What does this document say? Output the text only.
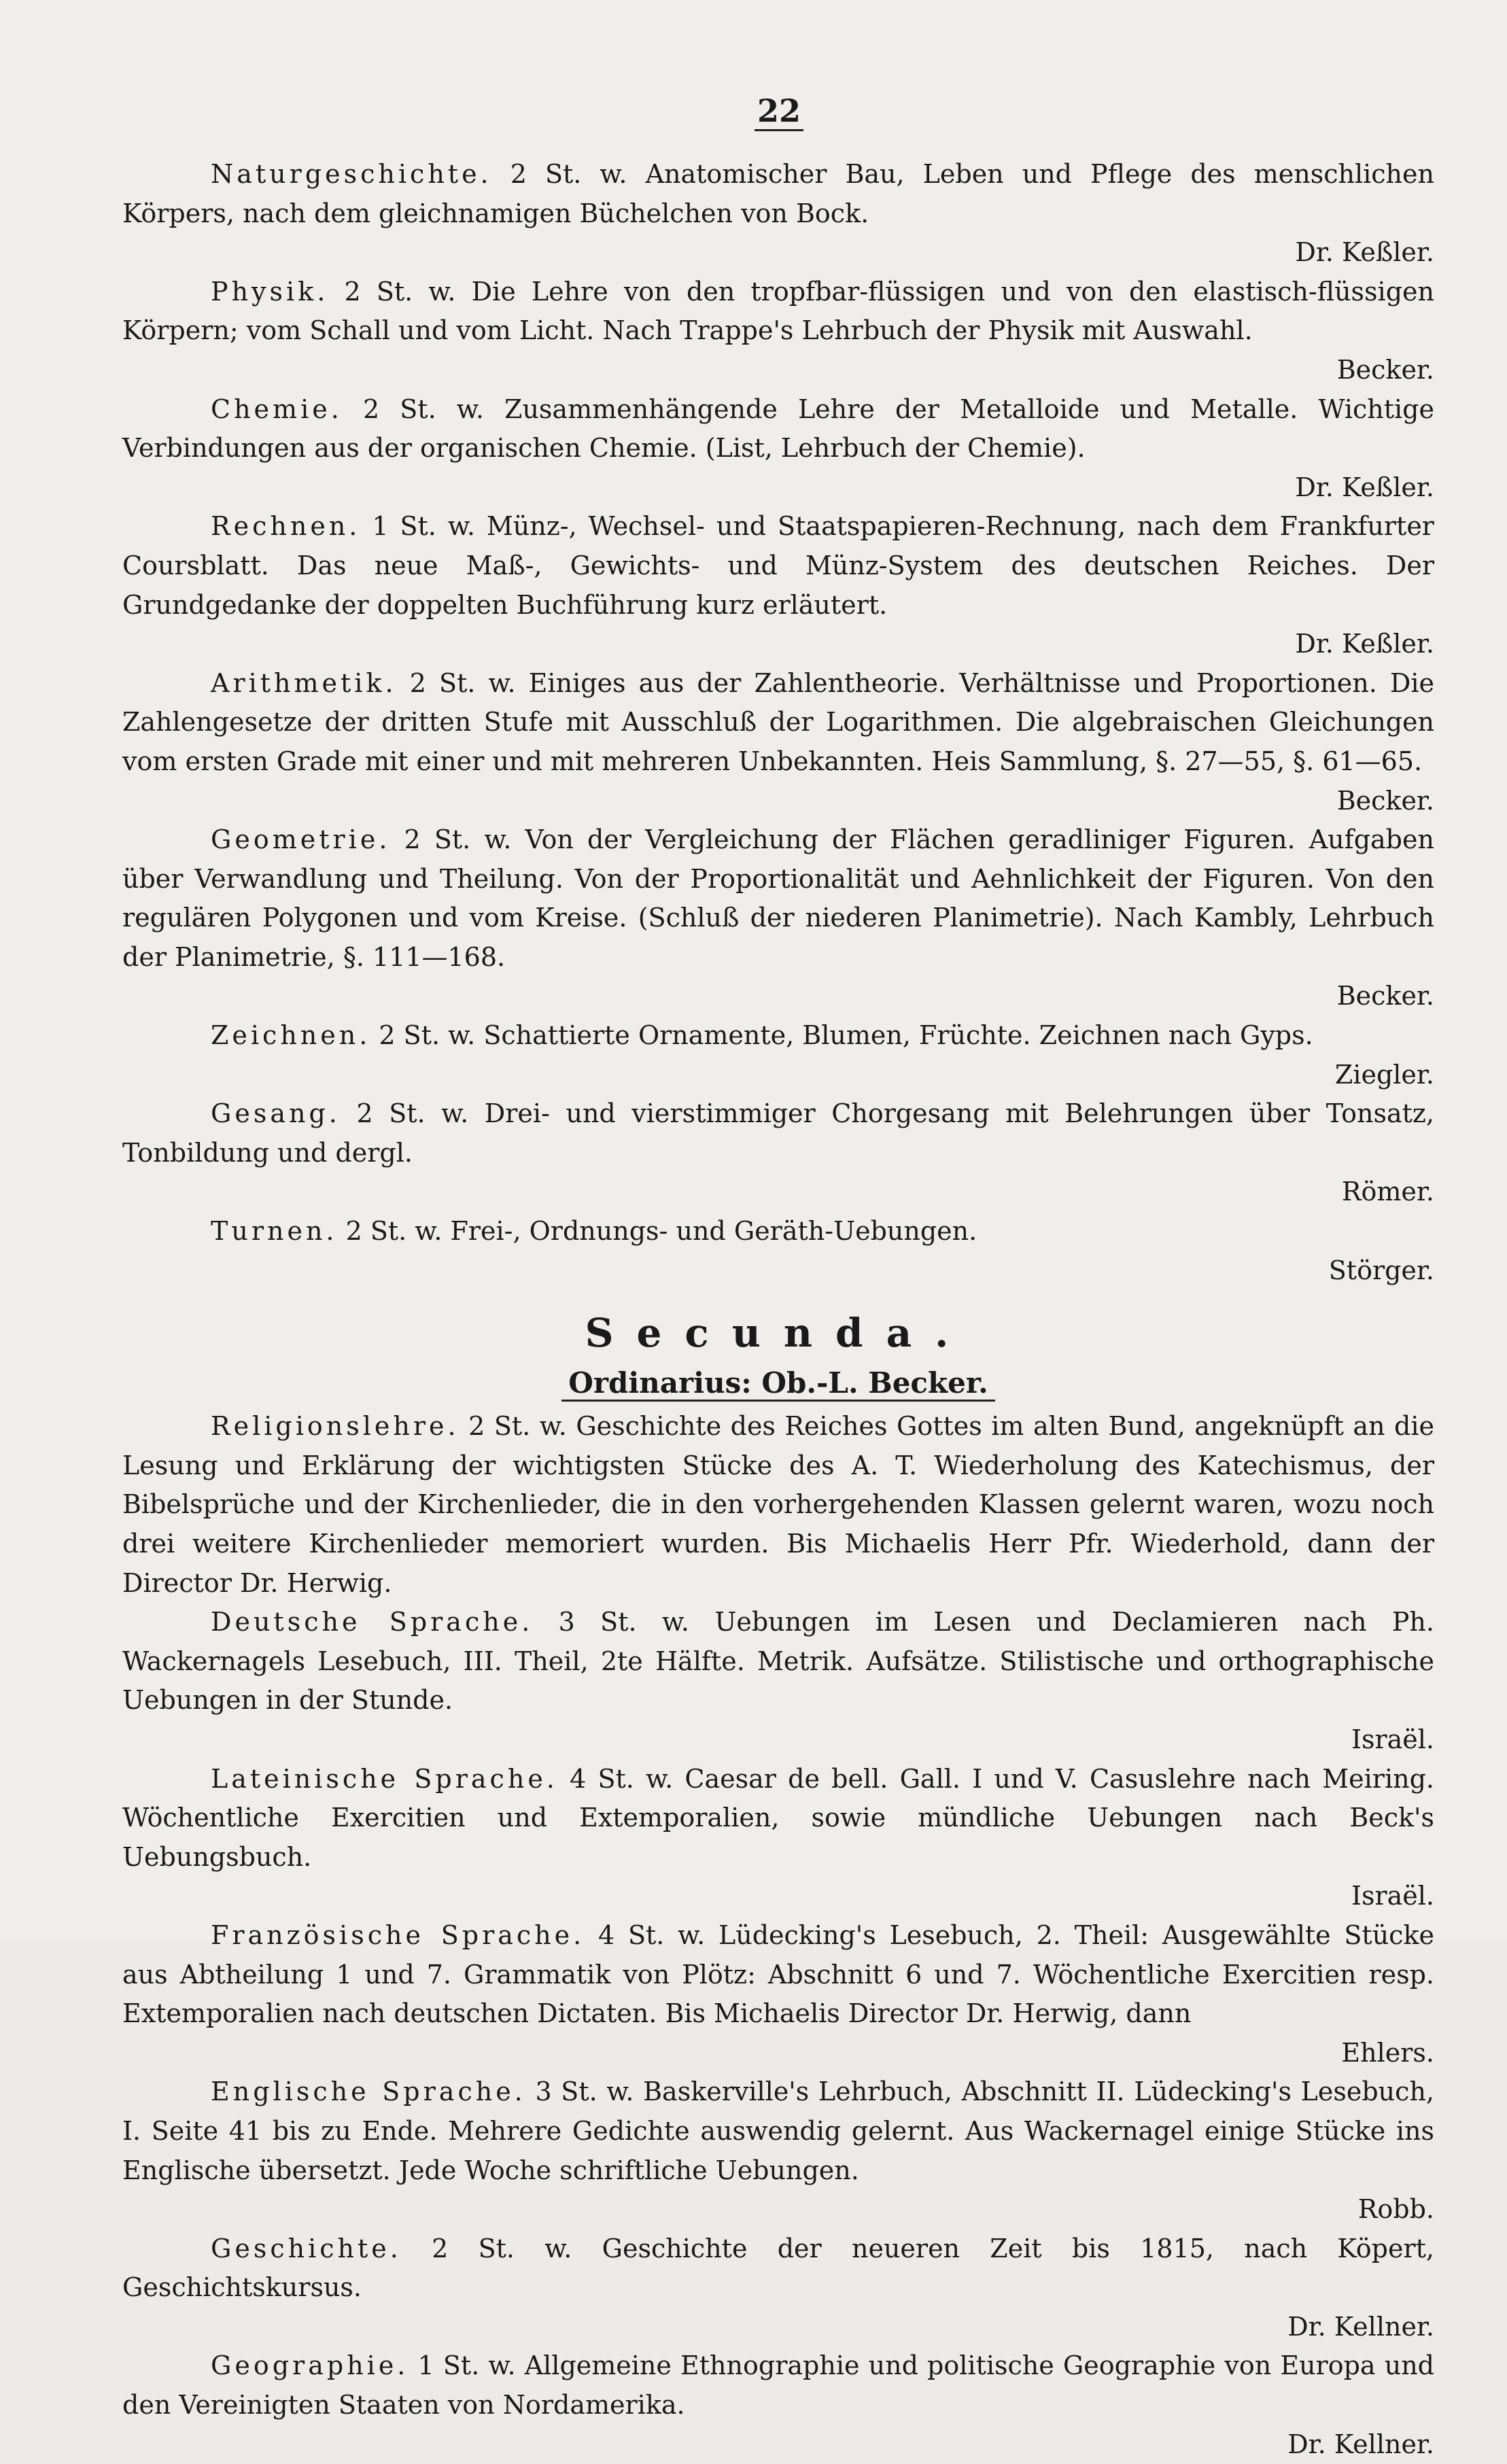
22

Naturgeschichte. 2 St. w. Anatomischer Bau, Leben und Pflege des menschlichen Körpers, nach dem gleichnamigen Büchelchen von Bock.

Dr. Keßler.

Physik. 2 St. w. Die Lehre von den tropfbar-flüssigen und von den elastisch-flüssigen Körpern; vom Schall und vom Licht. Nach Trappe's Lehrbuch der Physik mit Auswahl.

Becker.

Chemie. 2 St. w. Zusammenhängende Lehre der Metalloide und Metalle. Wichtige Verbindungen aus der organischen Chemie. (List, Lehrbuch der Chemie).

Dr. Keßler.

Rechnen. 1 St. w. Münz-, Wechsel- und Staatspapieren-Rechnung, nach dem Frankfurter Coursblatt. Das neue Maß-, Gewichts- und Münz-System des deutschen Reiches. Der Grundgedanke der doppelten Buchführung kurz erläutert.

Dr. Keßler.

Arithmetik. 2 St. w. Einiges aus der Zahlentheorie. Verhältnisse und Proportionen. Die Zahlengesetze der dritten Stufe mit Ausschluß der Logarithmen. Die algebraischen Gleichungen vom ersten Grade mit einer und mit mehreren Unbekannten. Heis Sammlung, §. 27—55, §. 61—65.

Becker.

Geometrie. 2 St. w. Von der Vergleichung der Flächen geradliniger Figuren. Aufgaben über Verwandlung und Theilung. Von der Proportionalität und Aehnlichkeit der Figuren. Von den regulären Polygonen und vom Kreise. (Schluß der niederen Planimetrie). Nach Kambly, Lehrbuch der Planimetrie, §. 111—168.

Becker.

Zeichnen. 2 St. w. Schattierte Ornamente, Blumen, Früchte. Zeichnen nach Gyps.

Ziegler.

Gesang. 2 St. w. Drei- und vierstimmiger Chorgesang mit Belehrungen über Tonsatz, Tonbildung und dergl.

Römer.

Turnen. 2 St. w. Frei-, Ordnungs- und Geräth-Uebungen.

Störger.

Secunda.
Ordinarius: Ob.-L. Becker.

Religionslehre. 2 St. w. Geschichte des Reiches Gottes im alten Bund, angeknüpft an die Lesung und Erklärung der wichtigsten Stücke des A. T. Wiederholung des Katechismus, der Bibelsprüche und der Kirchenlieder, die in den vorhergehenden Klassen gelernt waren, wozu noch drei weitere Kirchenlieder memoriert wurden. Bis Michaelis Herr Pfr. Wiederhold, dann der Director Dr. Herwig.

Deutsche Sprache. 3 St. w. Uebungen im Lesen und Declamieren nach Ph. Wackernagels Lesebuch, III. Theil, 2te Hälfte. Metrik. Aufsätze. Stilistische und orthographische Uebungen in der Stunde.

Israël.

Lateinische Sprache. 4 St. w. Caesar de bell. Gall. I und V. Casuslehre nach Meiring. Wöchentliche Exercitien und Extemporalien, sowie mündliche Uebungen nach Beck's Uebungsbuch.

Israël.

Französische Sprache. 4 St. w. Lüdecking's Lesebuch, 2. Theil: Ausgewählte Stücke aus Abtheilung 1 und 7. Grammatik von Plötz: Abschnitt 6 und 7. Wöchentliche Exercitien resp. Extemporalien nach deutschen Dictaten. Bis Michaelis Director Dr. Herwig, dann

Ehlers.

Englische Sprache. 3 St. w. Baskerville's Lehrbuch, Abschnitt II. Lüdecking's Lesebuch, I. Seite 41 bis zu Ende. Mehrere Gedichte auswendig gelernt. Aus Wackernagel einige Stücke ins Englische übersetzt. Jede Woche schriftliche Uebungen.

Robb.

Geschichte. 2 St. w. Geschichte der neueren Zeit bis 1815, nach Köpert, Geschichtskursus.

Dr. Kellner.

Geographie. 1 St. w. Allgemeine Ethnographie und politische Geographie von Europa und den Vereinigten Staaten von Nordamerika.

Dr. Kellner.
